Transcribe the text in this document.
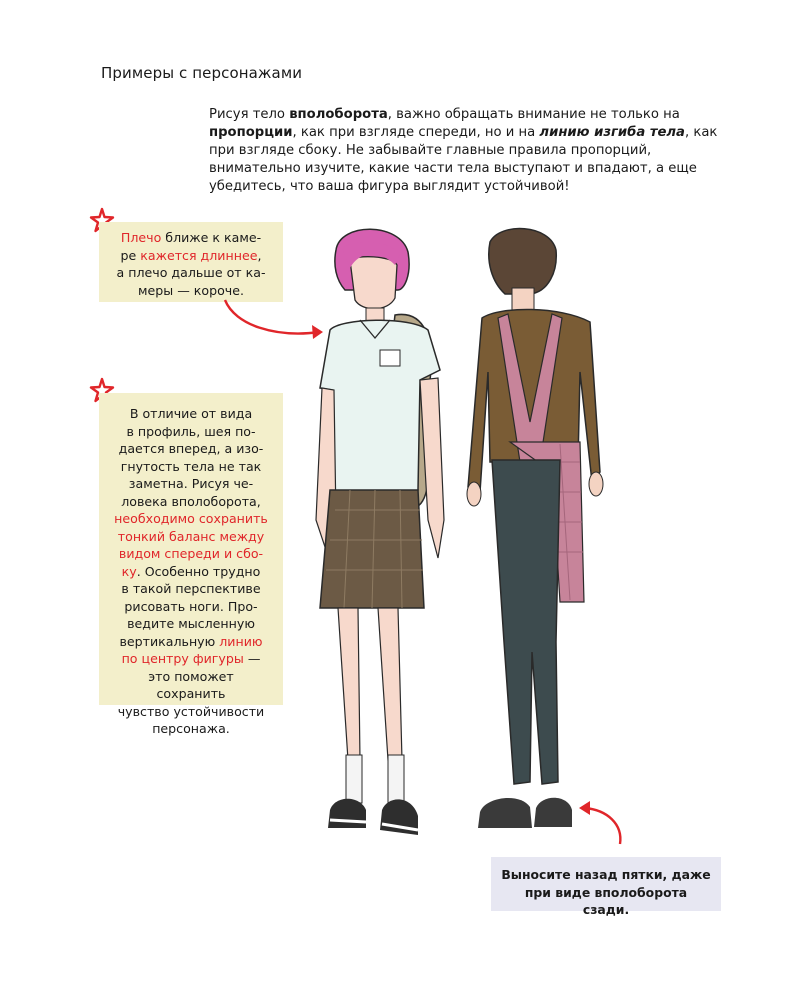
Примеры с персонажами
Рисуя тело вполоборота, важно обращать внимание не только на пропорции, как при взгляде спереди, но и на линию изгиба тела, как при взгляде сбоку. Не забывайте главные правила пропорций, внимательно изучите, какие части тела выступают и впадают, а еще убедитесь, что ваша фигура выглядит устойчивой!
Плечо ближе к каме-
ре кажется длиннее,
а плечо дальше от ка-
меры — короче.
В отличие от вида
в профиль, шея по-
дается вперед, а изо-
гнутость тела не так
заметна. Рисуя че-
ловека вполоборота,
необходимо сохранить
тонкий баланс между
видом спереди и сбо-
ку. Особенно трудно
в такой перспективе
рисовать ноги. Про-
ведите мысленную
вертикальную линию
по центру фигуры —
это поможет сохранить
чувство устойчивости
персонажа.
Выносите назад пятки, даже при виде вполоборота сзади.
